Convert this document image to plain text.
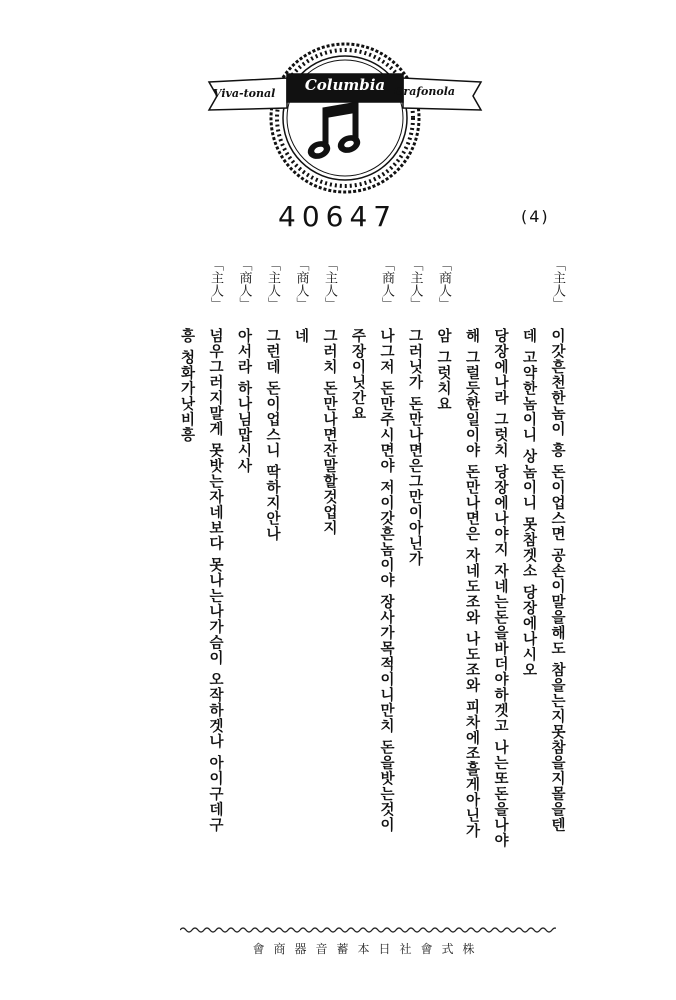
Viva-tonal	Columbia Grafonola
40647	(4)
「主人」
이갓흔천한놈이 흥 돈이업스면 공손이말을해도 참을는지못참을지몰을텐
데 고약한놈이니 상놈이니 못참겟소 당장에나시오
당장에나라 그럿치 당장에나야지 자네는돈을바더야하겟고 나는또돈을나야
해 그럴듯한일이야 돈만나면은 자네도조와 나도조와 피차에조흘게아닌가
「商人」
암 그럿치요
「主人」
그러닛가 돈만나면은그만이아닌가
「商人」
나그저 돈만주시면야 저이갓흔놈이야 장사가목적이니만치 돈을밧는것이
주장이닛간요
「主人」
그러치 돈만나면잔말할것업지
「商人」
네
「主人」
그런데 돈이업스니 딱하지안나
「商人」
아서라 하나님맙시사
「主人」
넘우그러지말게 못밧는자네보다 못나는나가슴이 오작하겟나 아이구데구
흥 청화가낫비흥
株式會社日本蓄音器商會
